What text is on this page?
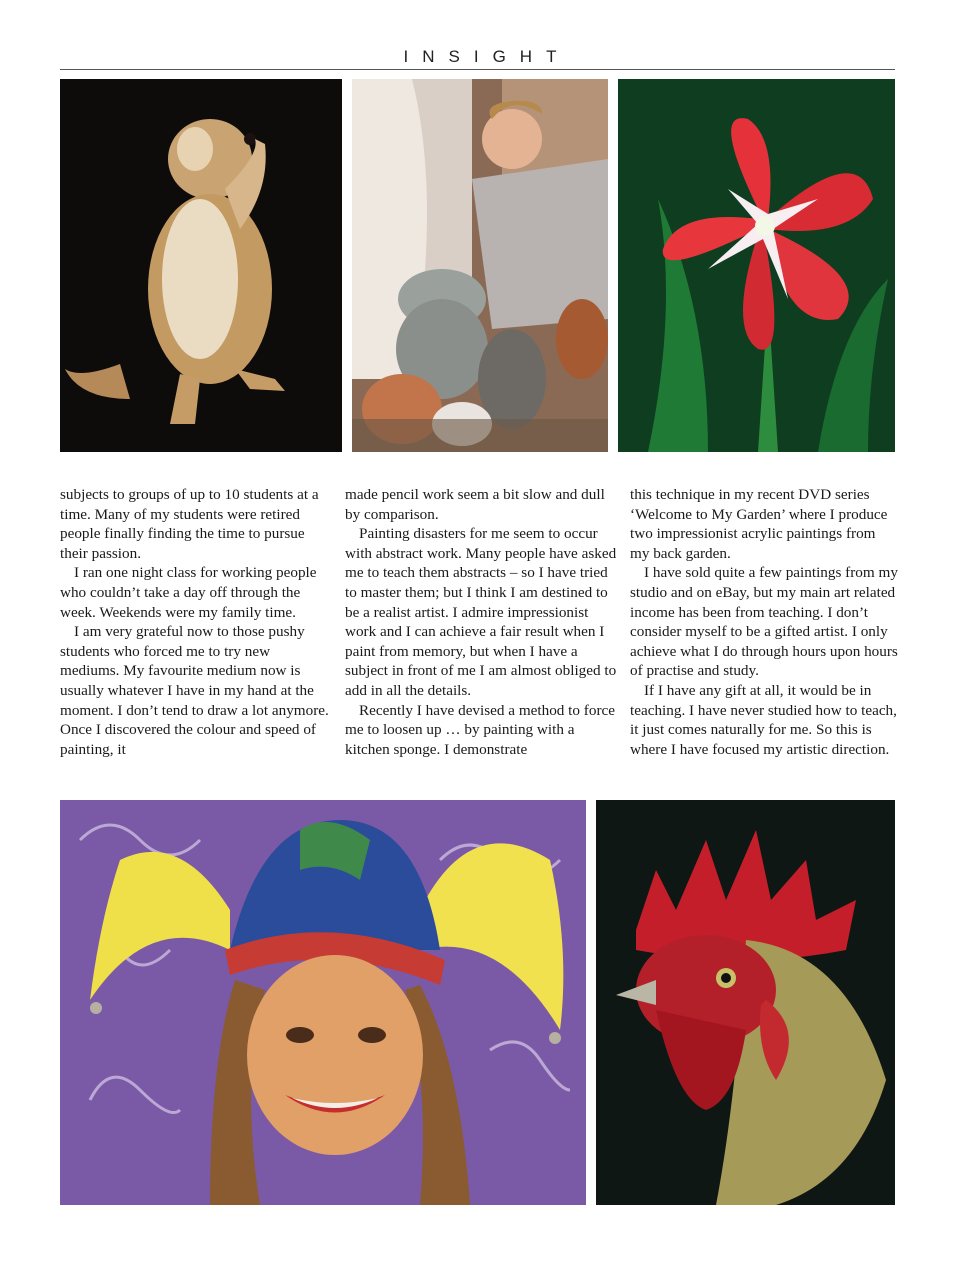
INSIGHT

subjects to groups of up to 10 students at a time. Many of my students were retired people finally finding the time to pursue their passion.

I ran one night class for working people who couldn’t take a day off through the week. Weekends were my family time.

I am very grateful now to those pushy students who forced me to try new mediums. My favourite medium now is usually whatever I have in my hand at the moment. I don’t tend to draw a lot anymore. Once I discovered the colour and speed of painting, it

made pencil work seem a bit slow and dull by comparison.

Painting disasters for me seem to occur with abstract work. Many people have asked me to teach them abstracts – so I have tried to master them; but I think I am destined to be a realist artist. I admire impressionist work and I can achieve a fair result when I paint from memory, but when I have a subject in front of me I am almost obliged to add in all the details.

Recently I have devised a method to force me to loosen up … by painting with a kitchen sponge. I demonstrate

this technique in my recent DVD series ‘Welcome to My Garden’ where I produce two impressionist acrylic paintings from my back garden.

I have sold quite a few paintings from my studio and on eBay, but my main art related income has been from teaching. I don’t consider myself to be a gifted artist. I only achieve what I do through hours upon hours of practise and study.

If I have any gift at all, it would be in teaching. I have never studied how to teach, it just comes naturally for me. So this is where I have focused my artistic direction.
